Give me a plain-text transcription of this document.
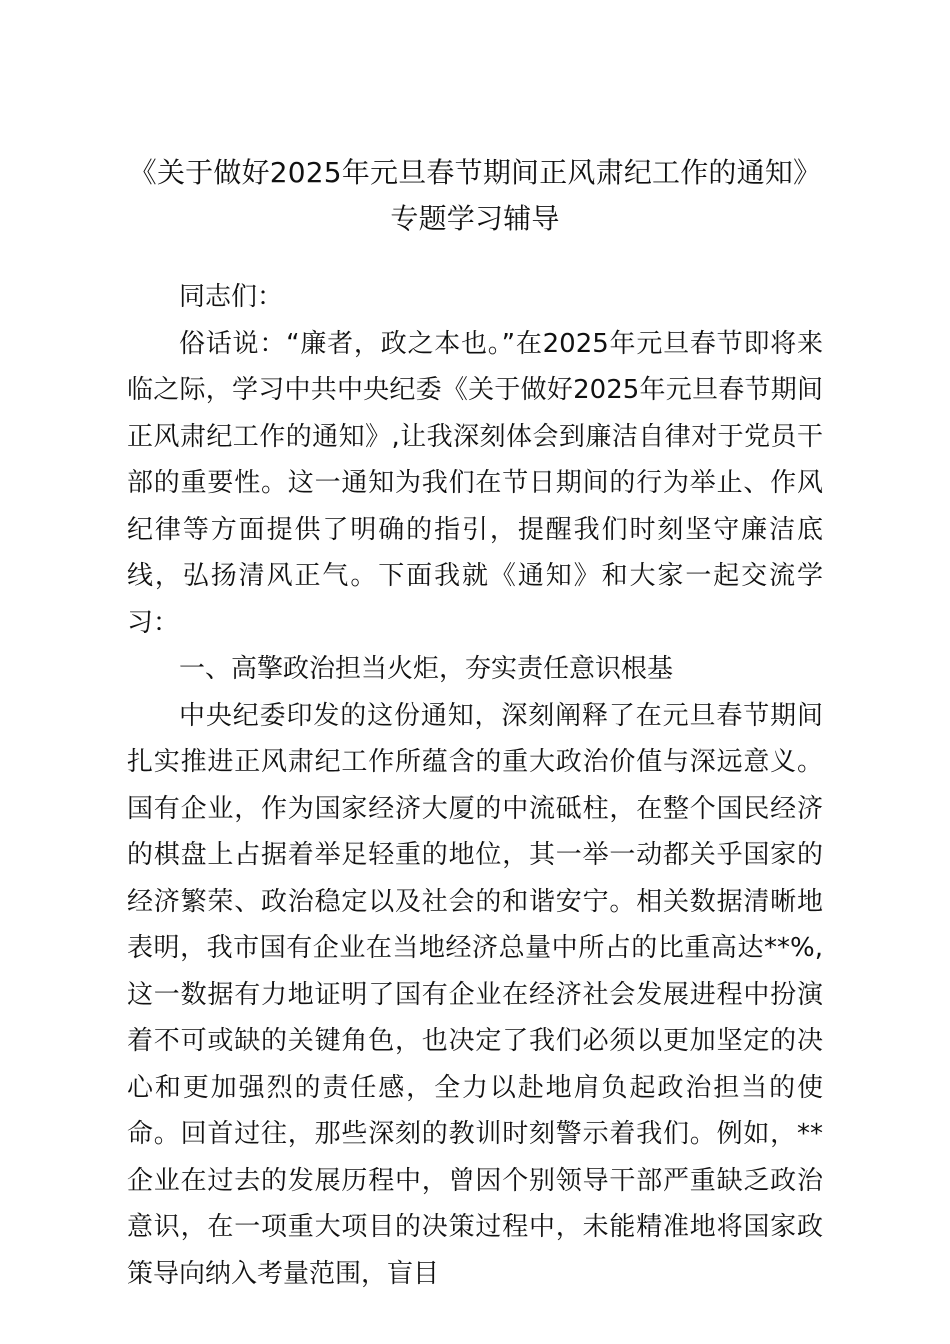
《关于做好2025年元旦春节期间正风肃纪工作的通知》专题学习辅导

同志们：

俗话说：“廉者，政之本也。”在2025年元旦春节即将来临之际，学习中共中央纪委《关于做好2025年元旦春节期间正风肃纪工作的通知》,让我深刻体会到廉洁自律对于党员干部的重要性。这一通知为我们在节日期间的行为举止、作风纪律等方面提供了明确的指引，提醒我们时刻坚守廉洁底线，弘扬清风正气。下面我就《通知》和大家一起交流学习：

一、高擎政治担当火炬，夯实责任意识根基

中央纪委印发的这份通知，深刻阐释了在元旦春节期间扎实推进正风肃纪工作所蕴含的重大政治价值与深远意义。国有企业，作为国家经济大厦的中流砥柱，在整个国民经济的棋盘上占据着举足轻重的地位，其一举一动都关乎国家的经济繁荣、政治稳定以及社会的和谐安宁。相关数据清晰地表明，我市国有企业在当地经济总量中所占的比重高达**%,这一数据有力地证明了国有企业在经济社会发展进程中扮演着不可或缺的关键角色，也决定了我们必须以更加坚定的决心和更加强烈的责任感，全力以赴地肩负起政治担当的使命。回首过往，那些深刻的教训时刻警示着我们。例如，**企业在过去的发展历程中，曾因个别领导干部严重缺乏政治意识，在一项重大项目的决策过程中，未能精准地将国家政策导向纳入考量范围，盲目
